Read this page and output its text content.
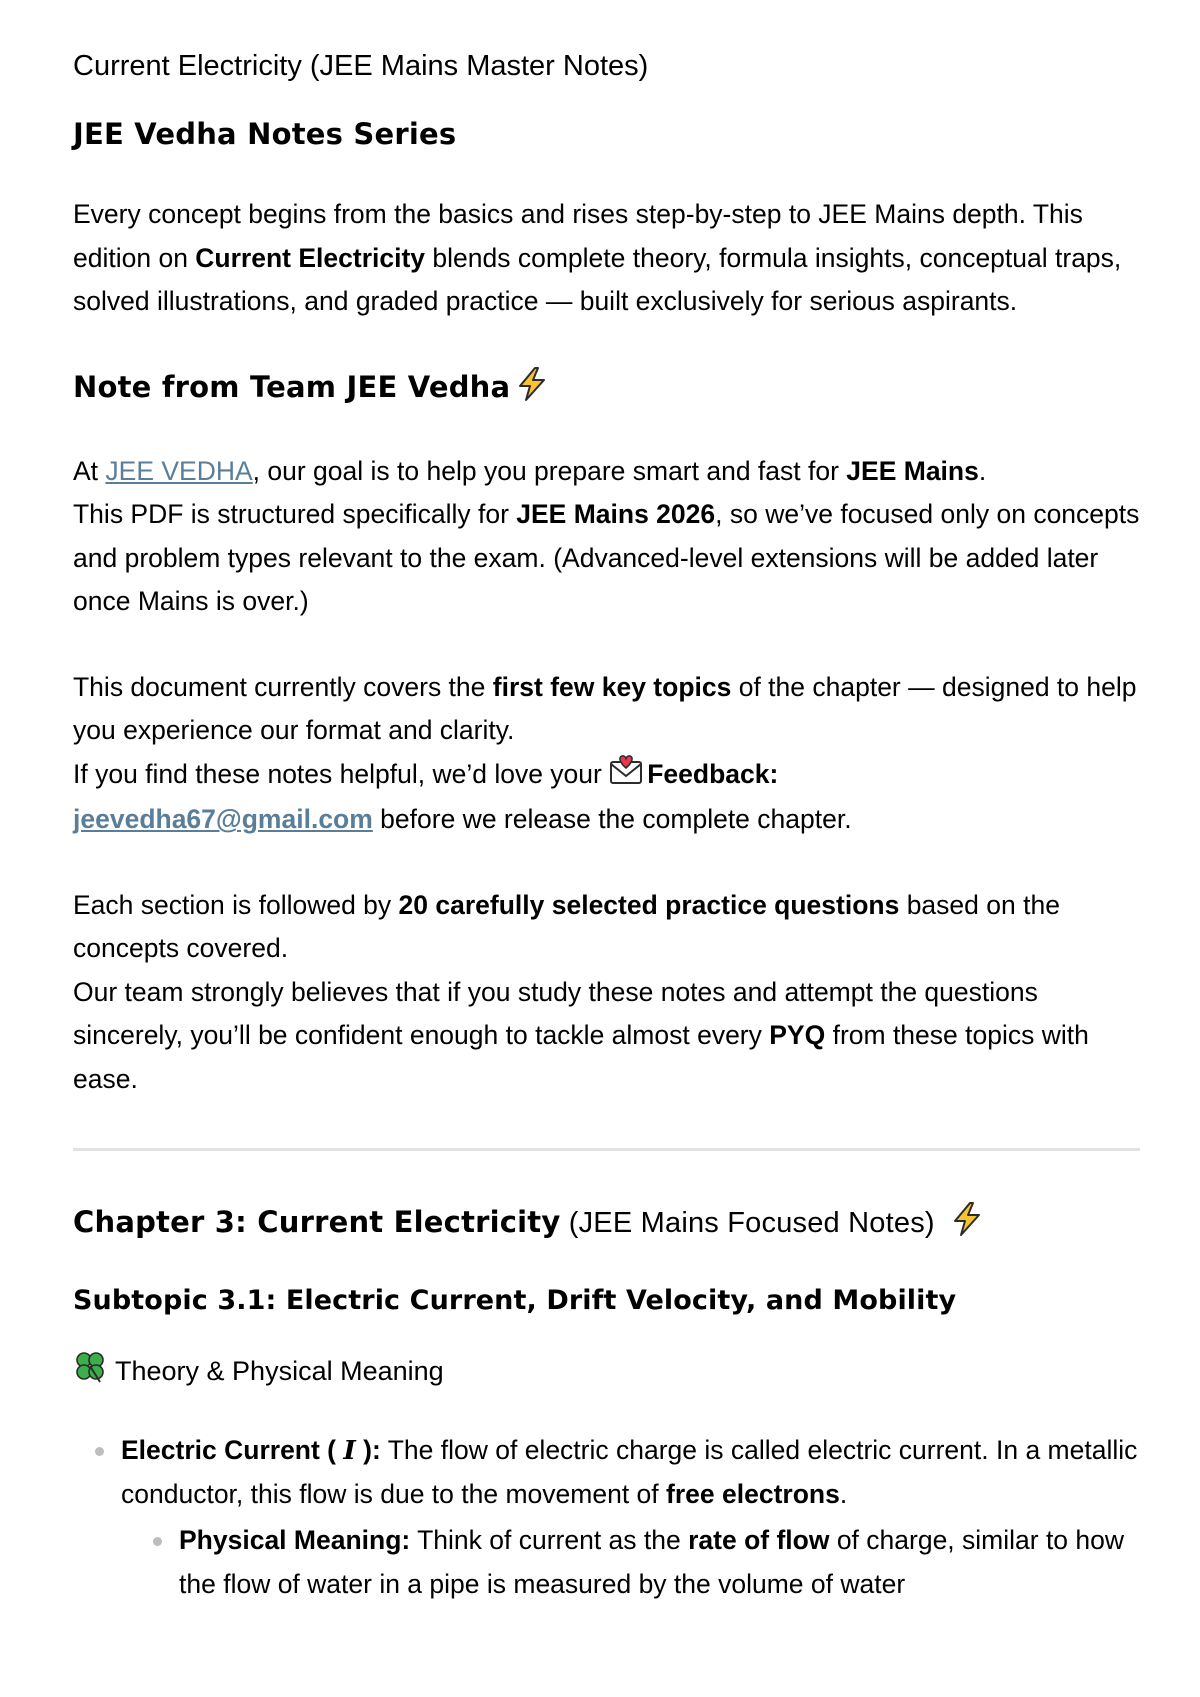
Current Electricity (JEE Mains Master Notes)
JEE Vedha Notes Series

Every concept begins from the basics and rises step-by-step to JEE Mains depth. This edition on Current Electricity blends complete theory, formula insights, conceptual traps, solved illustrations, and graded practice — built exclusively for serious aspirants.

Note from Team JEE Vedha

At JEE VEDHA, our goal is to help you prepare smart and fast for JEE Mains.
This PDF is structured specifically for JEE Mains 2026, so we’ve focused only on concepts and problem types relevant to the exam. (Advanced-level extensions will be added later once Mains is over.)

This document currently covers the first few key topics of the chapter — designed to help you experience our format and clarity.
If you find these notes helpful, we’d love your Feedback:
jeevedha67@gmail.com before we release the complete chapter.

Each section is followed by 20 carefully selected practice questions based on the concepts covered.
Our team strongly believes that if you study these notes and attempt the questions sincerely, you’ll be confident enough to tackle almost every PYQ from these topics with ease.

Chapter 3: Current Electricity (JEE Mains Focused Notes)
Subtopic 3.1: Electric Current, Drift Velocity, and Mobility
Theory & Physical Meaning
Electric Current ( I ): The flow of electric charge is called electric current. In a metallic conductor, this flow is due to the movement of free electrons.
Physical Meaning: Think of current as the rate of flow of charge, similar to how the flow of water in a pipe is measured by the volume of water
